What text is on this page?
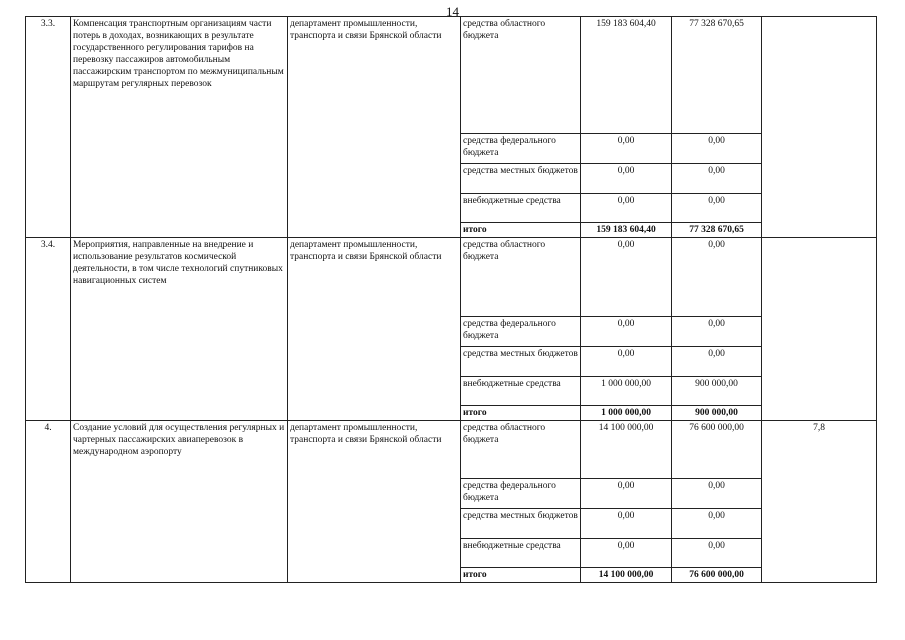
14
3.3.	Компенсация транспортным организациям части потерь в доходах, возникающих в результате государственного регулирования тарифов на перевозку пассажиров автомобильным пассажирским транспортом по межмуниципальным маршрутам регулярных перевозок	департамент промышленности, транспорта и связи Брянской области	средства областного бюджета	159 183 604,40	77 328 670,65	
			средства федерального бюджета	0,00	0,00	
			средства местных бюджетов	0,00	0,00	
			внебюджетные средства	0,00	0,00	
			итого	159 183 604,40	77 328 670,65	
3.4.	Мероприятия, направленные на внедрение и использование результатов космической деятельности, в том числе технологий спутниковых навигационных систем	департамент промышленности, транспорта и связи Брянской области	средства областного бюджета	0,00	0,00	
			средства федерального бюджета	0,00	0,00	
			средства местных бюджетов	0,00	0,00	
			внебюджетные средства	1 000 000,00	900 000,00	
			итого	1 000 000,00	900 000,00	
4.	Создание условий для осуществления регулярных и чартерных пассажирских авиаперевозок в международном аэропорту	департамент промышленности, транспорта и связи Брянской области	средства областного бюджета	14 100 000,00	76 600 000,00	7,8
			средства федерального бюджета	0,00	0,00	
			средства местных бюджетов	0,00	0,00	
			внебюджетные средства	0,00	0,00	
			итого	14 100 000,00	76 600 000,00	
